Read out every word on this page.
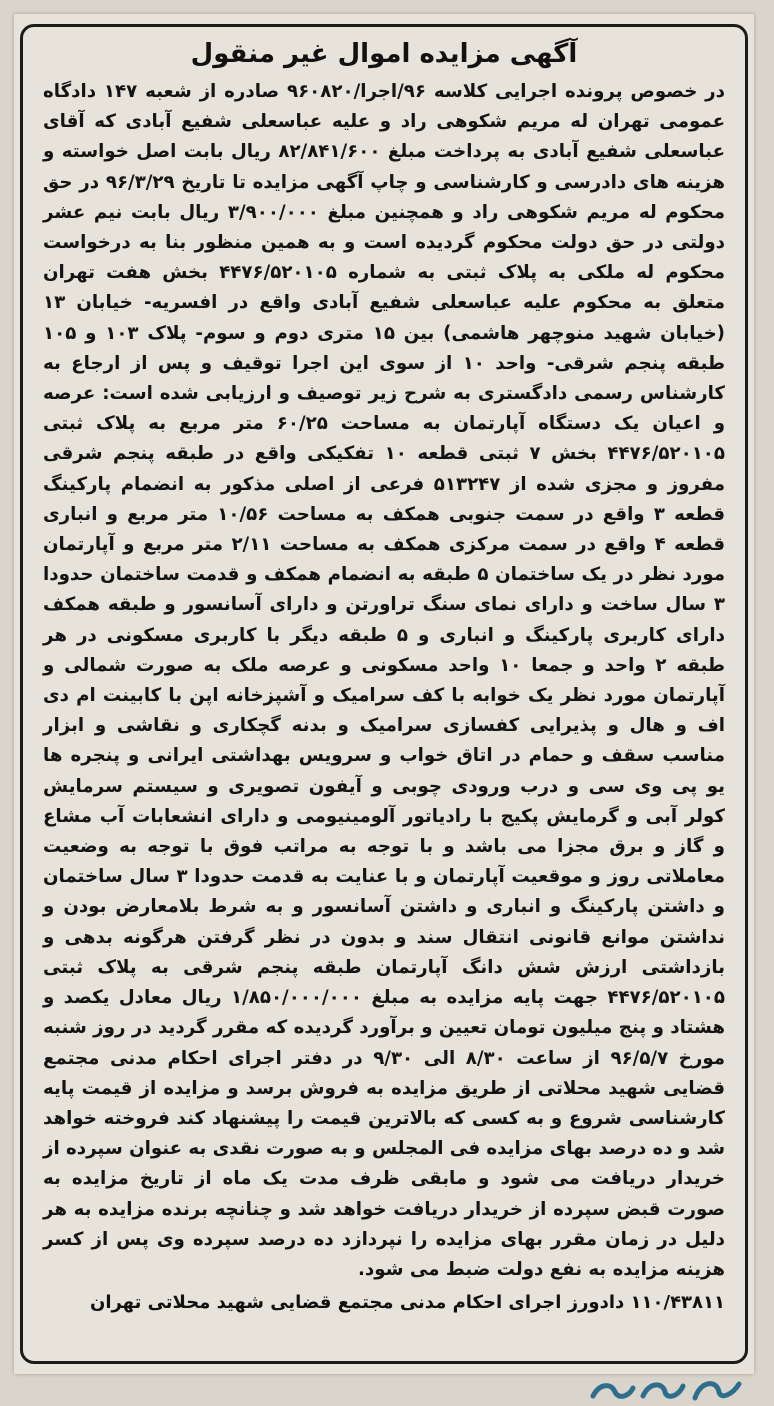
آگهی مزایده اموال غیر منقول

در خصوص پرونده اجرایی کلاسه ۹۶/اجرا/۹۶۰۸۲۰ صادره از شعبه ۱۴۷ دادگاه عمومی تهران له مریم شکوهی راد و علیه عباسعلی شفیع آبادی که آقای عباسعلی شفیع آبادی به پرداخت مبلغ ۸۲/۸۴۱/۶۰۰ ریال بابت اصل خواسته و هزینه های دادرسی و کارشناسی و چاپ آگهی مزایده تا تاریخ ۹۶/۳/۲۹ در حق محکوم له مریم شکوهی راد و همچنین مبلغ ۳/۹۰۰/۰۰۰ ریال بابت نیم عشر دولتی در حق دولت محکوم گردیده است و به همین منظور بنا به درخواست محکوم له ملکی به پلاک ثبتی به شماره ۴۴۷۶/۵۲۰۱۰۵ بخش هفت تهران متعلق به محکوم علیه عباسعلی شفیع آبادی واقع در افسریه- خیابان ۱۳ (خیابان شهید منوچهر هاشمی) بین ۱۵ متری دوم و سوم- پلاک ۱۰۳ و ۱۰۵ طبقه پنجم شرقی- واحد ۱۰ از سوی این اجرا توقیف و پس از ارجاع به کارشناس رسمی دادگستری به شرح زیر توصیف و ارزیابی شده است: عرصه و اعیان یک دستگاه آپارتمان به مساحت ۶۰/۲۵ متر مربع به پلاک ثبتی ۴۴۷۶/۵۲۰۱۰۵ بخش ۷ ثبتی قطعه ۱۰ تفکیکی واقع در طبقه پنجم شرقی مفروز و مجزی شده از ۵۱۳۲۴۷ فرعی از اصلی مذکور به انضمام پارکینگ قطعه ۳ واقع در سمت جنوبی همکف به مساحت ۱۰/۵۶ متر مربع و انباری قطعه ۴ واقع در سمت مرکزی همکف به مساحت ۲/۱۱ متر مربع و آپارتمان مورد نظر در یک ساختمان ۵ طبقه به انضمام همکف و قدمت ساختمان حدودا ۳ سال ساخت و دارای نمای سنگ تراورتن و دارای آسانسور و طبقه همکف دارای کاربری پارکینگ و انباری و ۵ طبقه دیگر با کاربری مسکونی در هر طبقه ۲ واحد و جمعا ۱۰ واحد مسکونی و عرصه ملک به صورت شمالی و آپارتمان مورد نظر یک خوابه با کف سرامیک و آشپزخانه اپن با کابینت ام دی اف و هال و پذیرایی کفسازی سرامیک و بدنه گچکاری و نقاشی و ابزار مناسب سقف و حمام در اتاق خواب و سرویس بهداشتی ایرانی و پنجره ها یو پی وی سی و درب ورودی چوبی و آیفون تصویری و سیستم سرمایش کولر آبی و گرمایش پکیج با رادیاتور آلومینیومی و دارای انشعابات آب مشاع و گاز و برق مجزا می باشد و با توجه به مراتب فوق با توجه به وضعیت معاملاتی روز و موقعیت آپارتمان و با عنایت به قدمت حدودا ۳ سال ساختمان و داشتن پارکینگ و انباری و داشتن آسانسور و به شرط بلامعارض بودن و نداشتن موانع قانونی انتقال سند و بدون در نظر گرفتن هرگونه بدهی و بازداشتی ارزش شش دانگ آپارتمان طبقه پنجم شرقی به پلاک ثبتی ۴۴۷۶/۵۲۰۱۰۵ جهت پایه مزایده به مبلغ ۱/۸۵۰/۰۰۰/۰۰۰ ریال معادل یکصد و هشتاد و پنج میلیون تومان تعیین و برآورد گردیده که مقرر گردید در روز شنبه مورخ ۹۶/۵/۷ از ساعت ۸/۳۰ الی ۹/۳۰ در دفتر اجرای احکام مدنی مجتمع قضایی شهید محلاتی از طریق مزایده به فروش برسد و مزایده از قیمت پایه کارشناسی شروع و به کسی که بالاترین قیمت را پیشنهاد کند فروخته خواهد شد و ده درصد بهای مزایده فی المجلس و به صورت نقدی به عنوان سپرده از خریدار دریافت می شود و مابقی ظرف مدت یک ماه از تاریخ مزایده به صورت قبض سپرده از خریدار دریافت خواهد شد و چنانچه برنده مزایده به هر دلیل در زمان مقرر بهای مزایده را نپردازد ده درصد سپرده وی پس از کسر هزینه مزایده به نفع دولت ضبط می شود.

۱۱۰/۴۳۸۱۱ دادورز اجرای احکام مدنی مجتمع قضایی شهید محلاتی تهران
